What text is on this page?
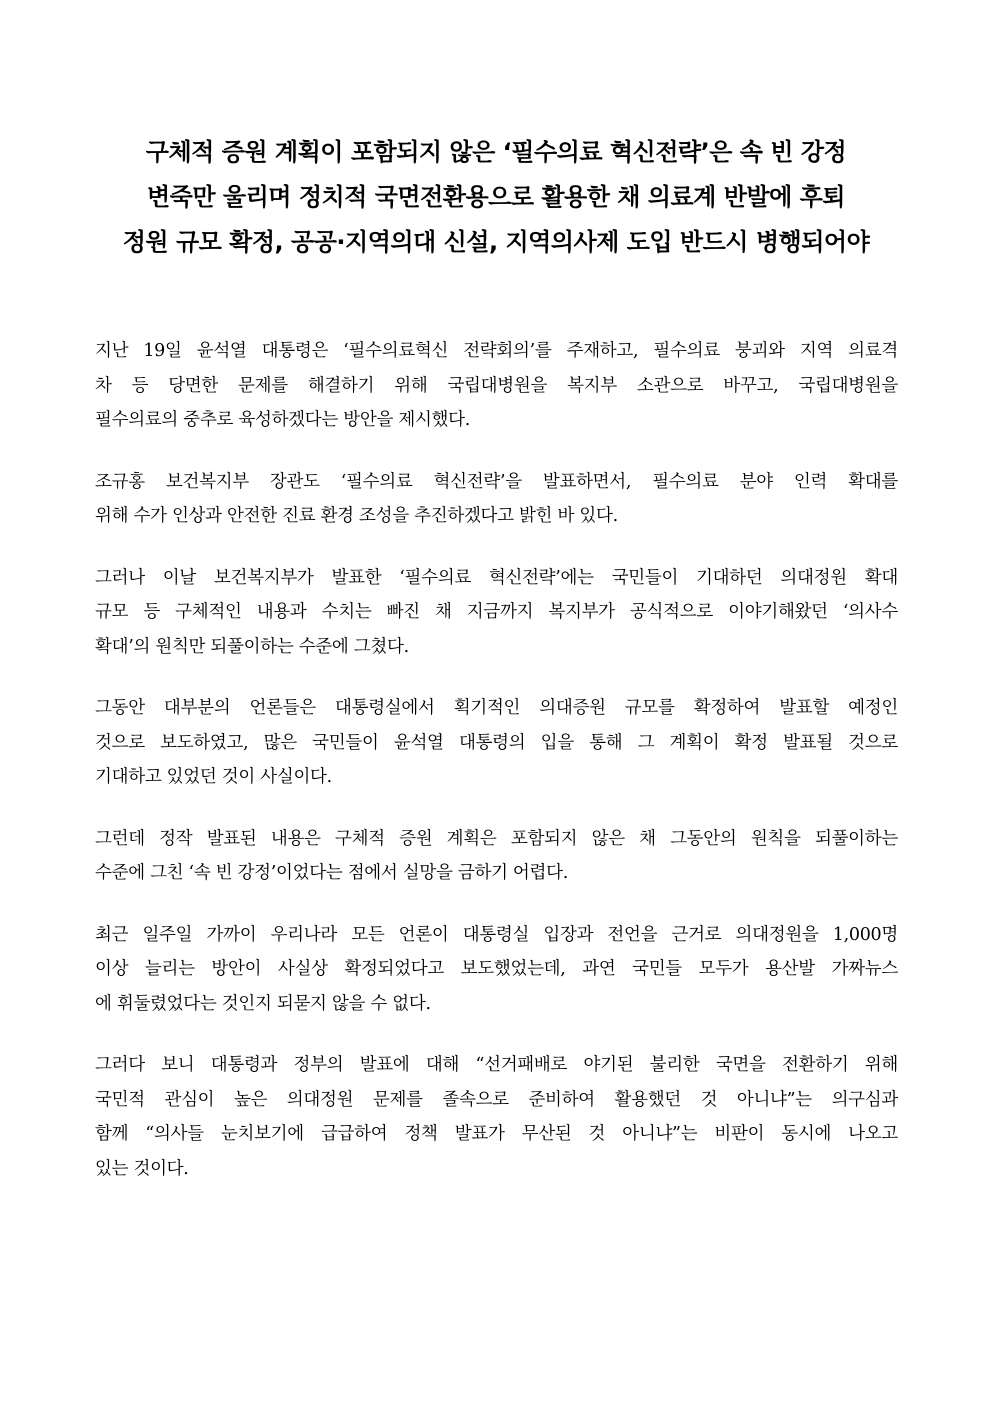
구체적 증원 계획이 포함되지 않은 ‘필수의료 혁신전략’은 속 빈 강정
변죽만 울리며 정치적 국면전환용으로 활용한 채 의료계 반발에 후퇴
정원 규모 확정, 공공·지역의대 신설, 지역의사제 도입 반드시 병행되어야
지난 19일 윤석열 대통령은 ‘필수의료혁신 전략회의’를 주재하고, 필수의료 붕괴와 지역 의료격
차 등 당면한 문제를 해결하기 위해 국립대병원을 복지부 소관으로 바꾸고, 국립대병원을
필수의료의 중추로 육성하겠다는 방안을 제시했다.
조규홍 보건복지부 장관도 ‘필수의료 혁신전략’을 발표하면서, 필수의료 분야 인력 확대를
위해 수가 인상과 안전한 진료 환경 조성을 추진하겠다고 밝힌 바 있다.
그러나 이날 보건복지부가 발표한 ‘필수의료 혁신전략’에는 국민들이 기대하던 의대정원 확대
규모 등 구체적인 내용과 수치는 빠진 채 지금까지 복지부가 공식적으로 이야기해왔던 ‘의사수
확대’의 원칙만 되풀이하는 수준에 그쳤다.
그동안 대부분의 언론들은 대통령실에서 획기적인 의대증원 규모를 확정하여 발표할 예정인
것으로 보도하였고, 많은 국민들이 윤석열 대통령의 입을 통해 그 계획이 확정 발표될 것으로
기대하고 있었던 것이 사실이다.
그런데 정작 발표된 내용은 구체적 증원 계획은 포함되지 않은 채 그동안의 원칙을 되풀이하는
수준에 그친 ‘속 빈 강정’이었다는 점에서 실망을 금하기 어렵다.
최근 일주일 가까이 우리나라 모든 언론이 대통령실 입장과 전언을 근거로 의대정원을 1,000명
이상 늘리는 방안이 사실상 확정되었다고 보도했었는데, 과연 국민들 모두가 용산발 가짜뉴스
에 휘둘렸었다는 것인지 되묻지 않을 수 없다.
그러다 보니 대통령과 정부의 발표에 대해 “선거패배로 야기된 불리한 국면을 전환하기 위해
국민적 관심이 높은 의대정원 문제를 졸속으로 준비하여 활용했던 것 아니냐”는 의구심과
함께 “의사들 눈치보기에 급급하여 정책 발표가 무산된 것 아니냐”는 비판이 동시에 나오고
있는 것이다.
